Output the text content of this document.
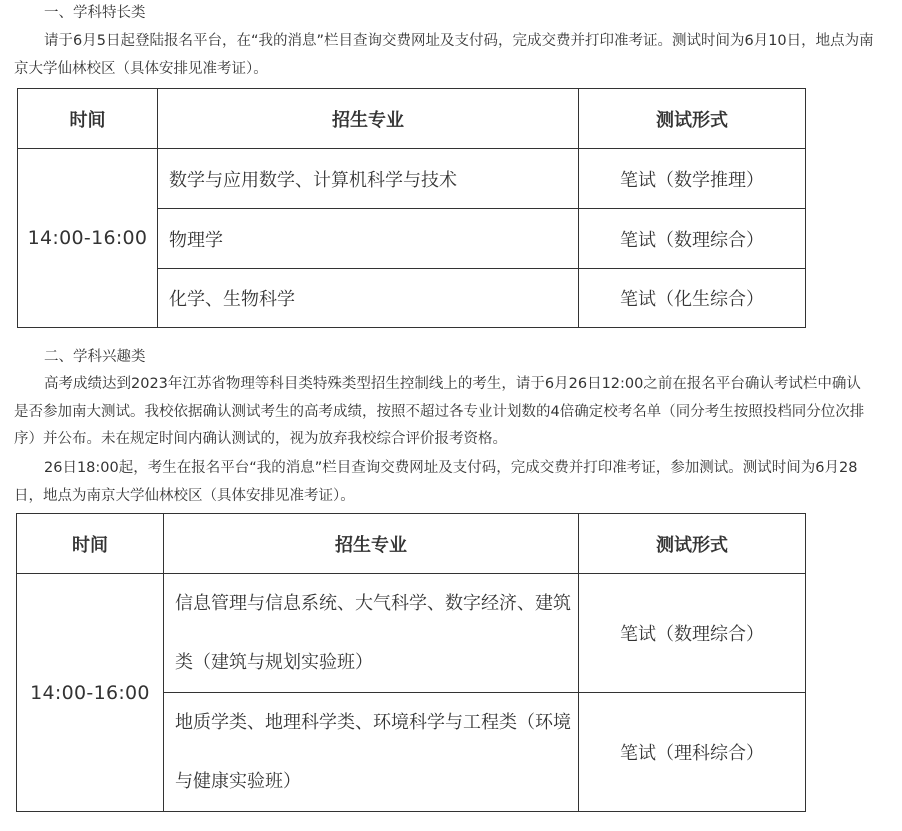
一、学科特长类
请于6月5日起登陆报名平台，在“我的消息”栏目查询交费网址及支付码，完成交费并打印准考证。测试时间为6月10日，地点为南京大学仙林校区（具体安排见准考证）。
时间	招生专业	测试形式
14:00-16:00	数学与应用数学、计算机科学与技术	笔试（数学推理）
	物理学	笔试（数理综合）
	化学、生物科学	笔试（化生综合）
二、学科兴趣类
高考成绩达到2023年江苏省物理等科目类特殊类型招生控制线上的考生，请于6月26日12:00之前在报名平台确认考试栏中确认是否参加南大测试。我校依据确认测试考生的高考成绩，按照不超过各专业计划数的4倍确定校考名单（同分考生按照投档同分位次排序）并公布。未在规定时间内确认测试的，视为放弃我校综合评价报考资格。
26日18:00起，考生在报名平台“我的消息”栏目查询交费网址及支付码，完成交费并打印准考证，参加测试。测试时间为6月28日，地点为南京大学仙林校区（具体安排见准考证）。
时间	招生专业	测试形式
14:00-16:00	信息管理与信息系统、大气科学、数字经济、建筑类（建筑与规划实验班）	笔试（数理综合）
	地质学类、地理科学类、环境科学与工程类（环境与健康实验班）	笔试（理科综合）
